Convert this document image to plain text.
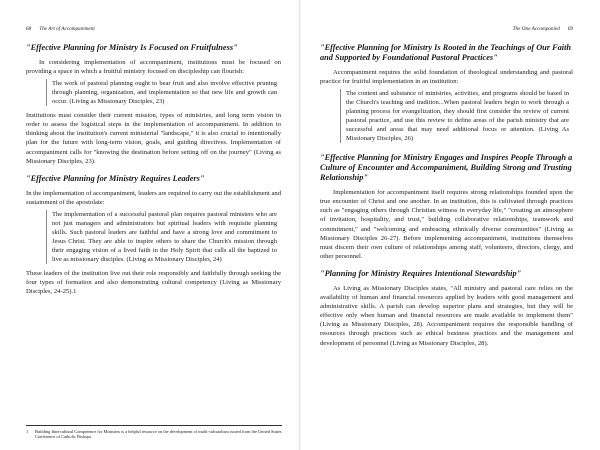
68 The Art of Accompaniment
"Effective Planning for Ministry Is Focused on Fruitfulness"

In considering implementation of accompaniment, institutions must be focused on providing a space in which a fruitful ministry focused on discipleship can flourish:

The work of pastoral planning ought to bear fruit and also involve effective pruning through planning, organization, and implementation so that new life and growth can occur. (Living as Missionary Disciples, 23)

Institutions must consider their current mission, types of ministries, and long term vision in order to assess the logistical steps in the implementation of accompaniment. In addition to thinking about the institution's current ministerial "landscape," it is also crucial to intentionally plan for the future with long-term vision, goals, and guiding directives. Implementation of accompaniment calls for "knowing the destination before setting off on the journey" (Living as Missionary Disciples, 23).

"Effective Planning for Ministry Requires Leaders"

In the implementation of accompaniment, leaders are required to carry out the establishment and sustainment of the apostolate:

The implementation of a successful pastoral plan requires pastoral ministers who are not just managers and administrators but spiritual leaders with requisite planning skills. Such pastoral leaders are faithful and have a strong love and commitment to Jesus Christ. They are able to inspire others to share the Church's mission through their engaging vision of a lived faith in the Holy Spirit that calls all the baptized to live as missionary disciples. (Living as Missionary Disciples, 24)

These leaders of the institution live out their role responsibly and faithfully through seeking the four types of formation and also demonstrating cultural competency (Living as Missionary Disciples, 24-25).1

1	Building Intercultural Competence for Ministers is a helpful resource on the development of multi-culturalism issued from the United States Conference of Catholic Bishops.
The One Accompanied 69
"Effective Planning for Ministry Is Rooted in the Teachings of Our Faith and Supported by Foundational Pastoral Practices"

Accompaniment requires the solid foundation of theological understanding and pastoral practice for fruitful implementation in an institution:

The content and substance of ministries, activities, and programs should be based in the Church's teaching and tradition...When pastoral leaders begin to work through a planning process for evangelization, they should first consider the review of current pastoral practice, and use this review to define areas of the parish ministry that are successful and areas that may need additional focus or attention. (Living As Missionary Disciples, 26)
"Effective Planning for Ministry Engages and Inspires People Through a Culture of Encounter and Accompaniment, Building Strong and Trusting Relationship"

Implementation for accompaniment itself requires strong relationships founded upon the true encounter of Christ and one another. In an institution, this is cultivated through practices such as "engaging others through Christian witness in everyday life," "creating an atmosphere of invitation, hospitality, and trust," building collaborative relationships, teamwork and commitment," and "welcoming and embracing ethnically diverse communities" (Living as Missionary Disciples 26-27). Before implementing accompaniment, institutions themselves must discern their own culture of relationships among staff, volunteers, directors, clergy, and other personnel.

"Planning for Ministry Requires Intentional Stewardship"

As Living as Missionary Disciples states, "All ministry and pastoral care relies on the availability of human and financial resources applied by leaders with good management and administrative skills. A parish can develop superior plans and strategies, but they will be effective only when human and financial resources are made available to implement them" (Living as Missionary Disciples, 28). Accompaniment requires the responsible handling of resources through practices such as ethical business practices and the management and development of personnel (Living as Missionary Disciples, 28).
